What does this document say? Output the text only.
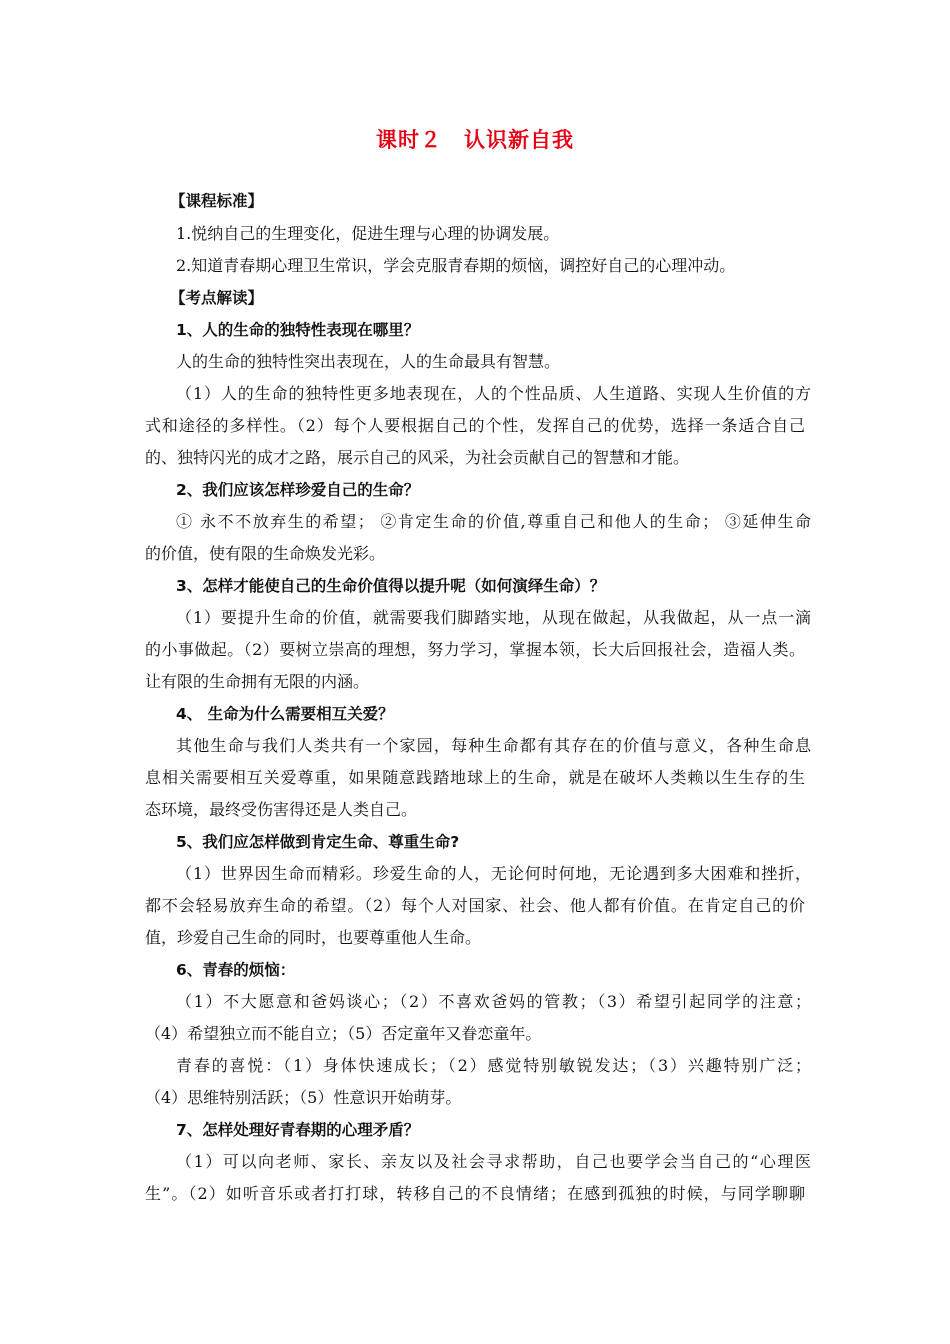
课时２　认识新自我
【课程标准】
1.悦纳自己的生理变化，促进生理与心理的协调发展。
2.知道青春期心理卫生常识，学会克服青春期的烦恼，调控好自己的心理冲动。
【考点解读】
1、人的生命的独特性表现在哪里？
人的生命的独特性突出表现在，人的生命最具有智慧。
（1）人的生命的独特性更多地表现在，人的个性品质、人生道路、实现人生价值的方
式和途径的多样性。（2）每个人要根据自己的个性，发挥自己的优势，选择一条适合自己
的、独特闪光的成才之路，展示自己的风采，为社会贡献自己的智慧和才能。
2、我们应该怎样珍爱自己的生命？
① 永不不放弃生的希望； ②肯定生命的价值,尊重自己和他人的生命； ③延伸生命
的价值，使有限的生命焕发光彩。
3、怎样才能使自己的生命价值得以提升呢（如何演绎生命）？
（1）要提升生命的价值，就需要我们脚踏实地，从现在做起，从我做起，从一点一滴
的小事做起。（2）要树立崇高的理想，努力学习，掌握本领，长大后回报社会，造福人类。
让有限的生命拥有无限的内涵。
4、 生命为什么需要相互关爱？
其他生命与我们人类共有一个家园，每种生命都有其存在的价值与意义，各种生命息
息相关需要相互关爱尊重，如果随意践踏地球上的生命，就是在破坏人类赖以生生存的生
态环境，最终受伤害得还是人类自己。
5、我们应怎样做到肯定生命、尊重生命?
（1）世界因生命而精彩。珍爱生命的人，无论何时何地，无论遇到多大困难和挫折，
都不会轻易放弃生命的希望。（2）每个人对国家、社会、他人都有价值。在肯定自己的价
值，珍爱自己生命的同时，也要尊重他人生命。
6、青春的烦恼：
（1）不大愿意和爸妈谈心；（2）不喜欢爸妈的管教；（3）希望引起同学的注意；
（4）希望独立而不能自立；（5）否定童年又眷恋童年。
青春的喜悦：（1）身体快速成长；（2）感觉特别敏锐发达；（3）兴趣特别广泛；
（4）思维特别活跃；（5）性意识开始萌芽。
7、怎样处理好青春期的心理矛盾？
（1）可以向老师、家长、亲友以及社会寻求帮助，自己也要学会当自己的“心理医
生”。（2）如听音乐或者打打球，转移自己的不良情绪；在感到孤独的时候，与同学聊聊
